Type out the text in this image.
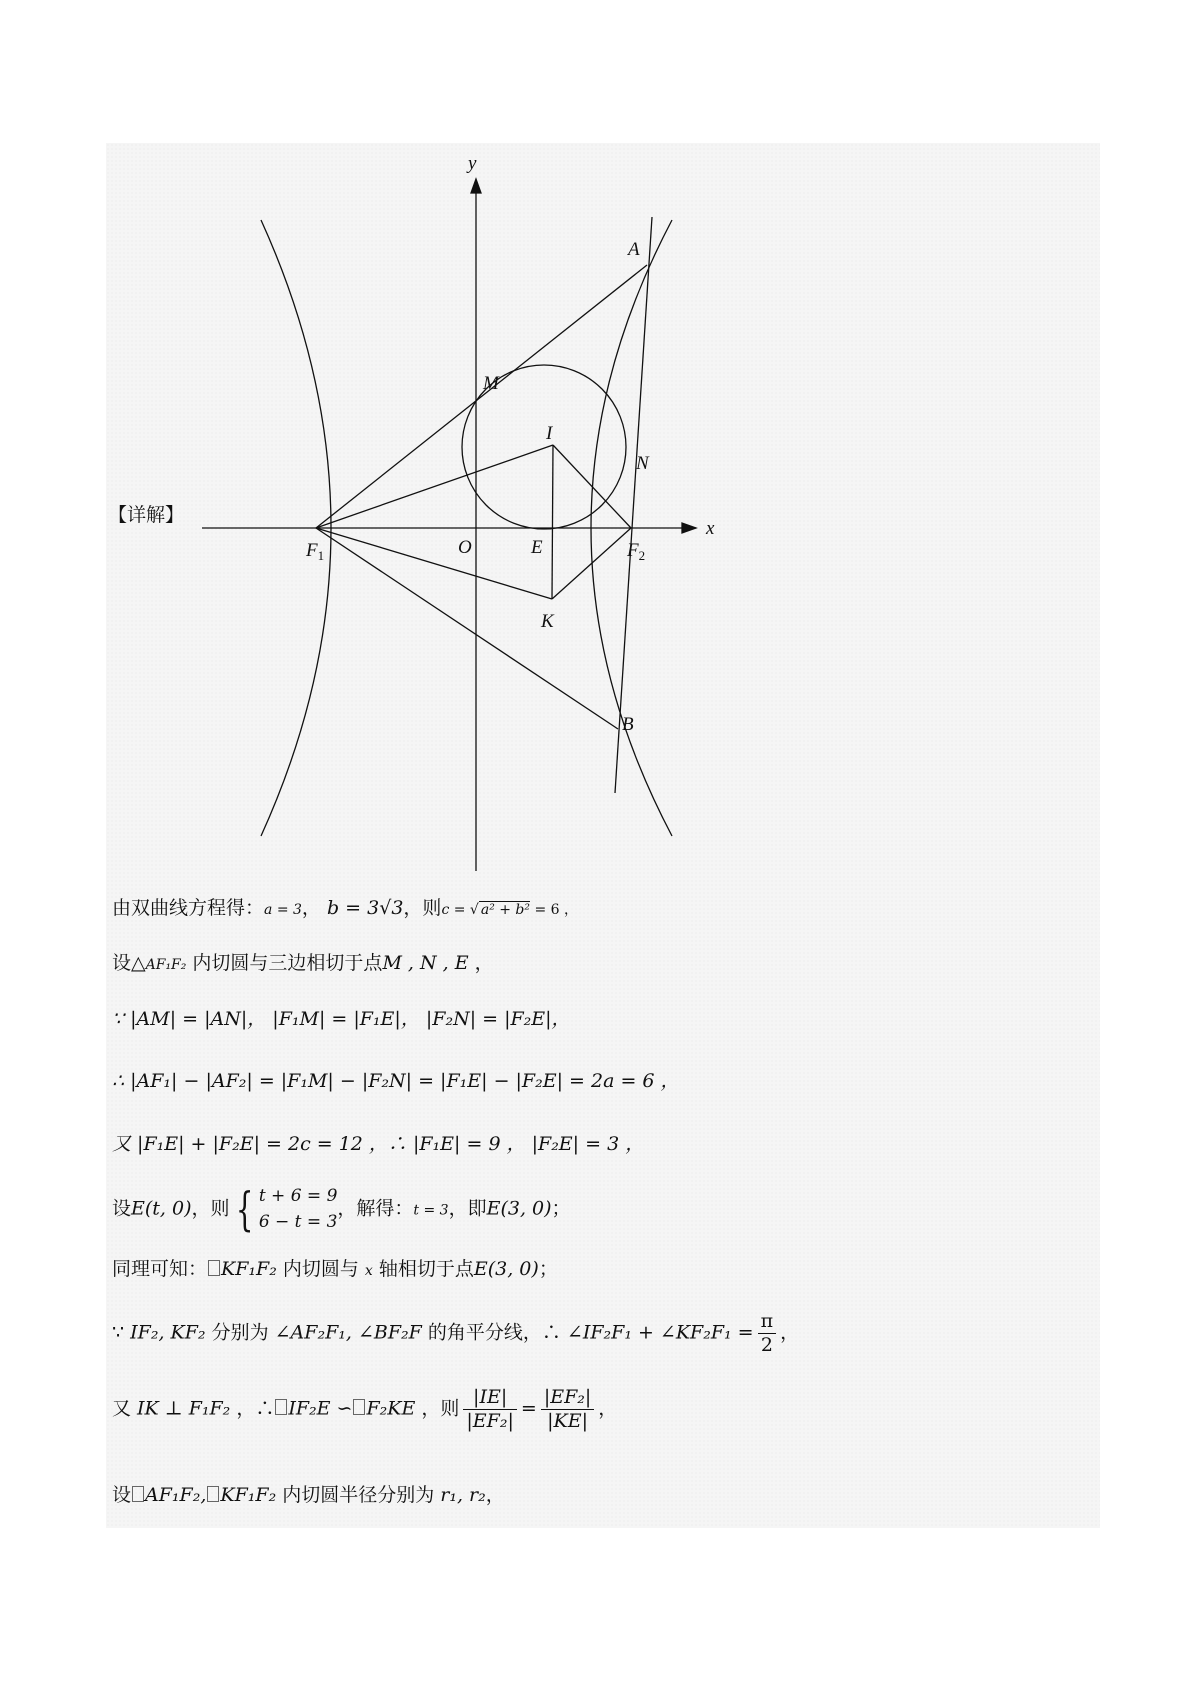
y
x
A
M
I
N
O	E
K
B
$F_1$	$F_2$
【详解】
由双曲线方程得：a = 3， b = 3√3，则c = √ a² + b² = 6 ，
设△AF₁F₂ 内切圆与三边相切于点M , N , E ，
∵ |AM| = |AN|， |F₁M| = |F₁E|， |F₂N| = |F₂E|，
∴ |AF₁| − |AF₂| = |F₁M| − |F₂N| = |F₁E| − |F₂E| = 2a = 6 ，
又 |F₁E| + |F₂E| = 2c = 12 ，∴ |F₁E| = 9 ， |F₂E| = 3 ，
设E(t, 0)，则 { t + 6 = 9
6 − t = 3
，解得：t = 3，即E(3, 0)；
同理可知： KF₁F₂ 内切圆与 x 轴相切于点E(3, 0)；
∵ IF₂, KF₂ 分别为 ∠AF₂F₁, ∠BF₂F 的角平分线，∴ ∠IF₂F₁ + ∠KF₂F₁ = $\frac{\pi}{2}$ ，
又 IK ⊥ F₁F₂ ，∴ IF₂E ∽ F₂KE ，则 $\frac{|IE|}{\text{|EF₂|}} = \frac{\text{|EF₂|}}{|KE|}$ ，
设 AF₁F₂, KF₁F₂ 内切圆半径分别为 r₁, r₂，
